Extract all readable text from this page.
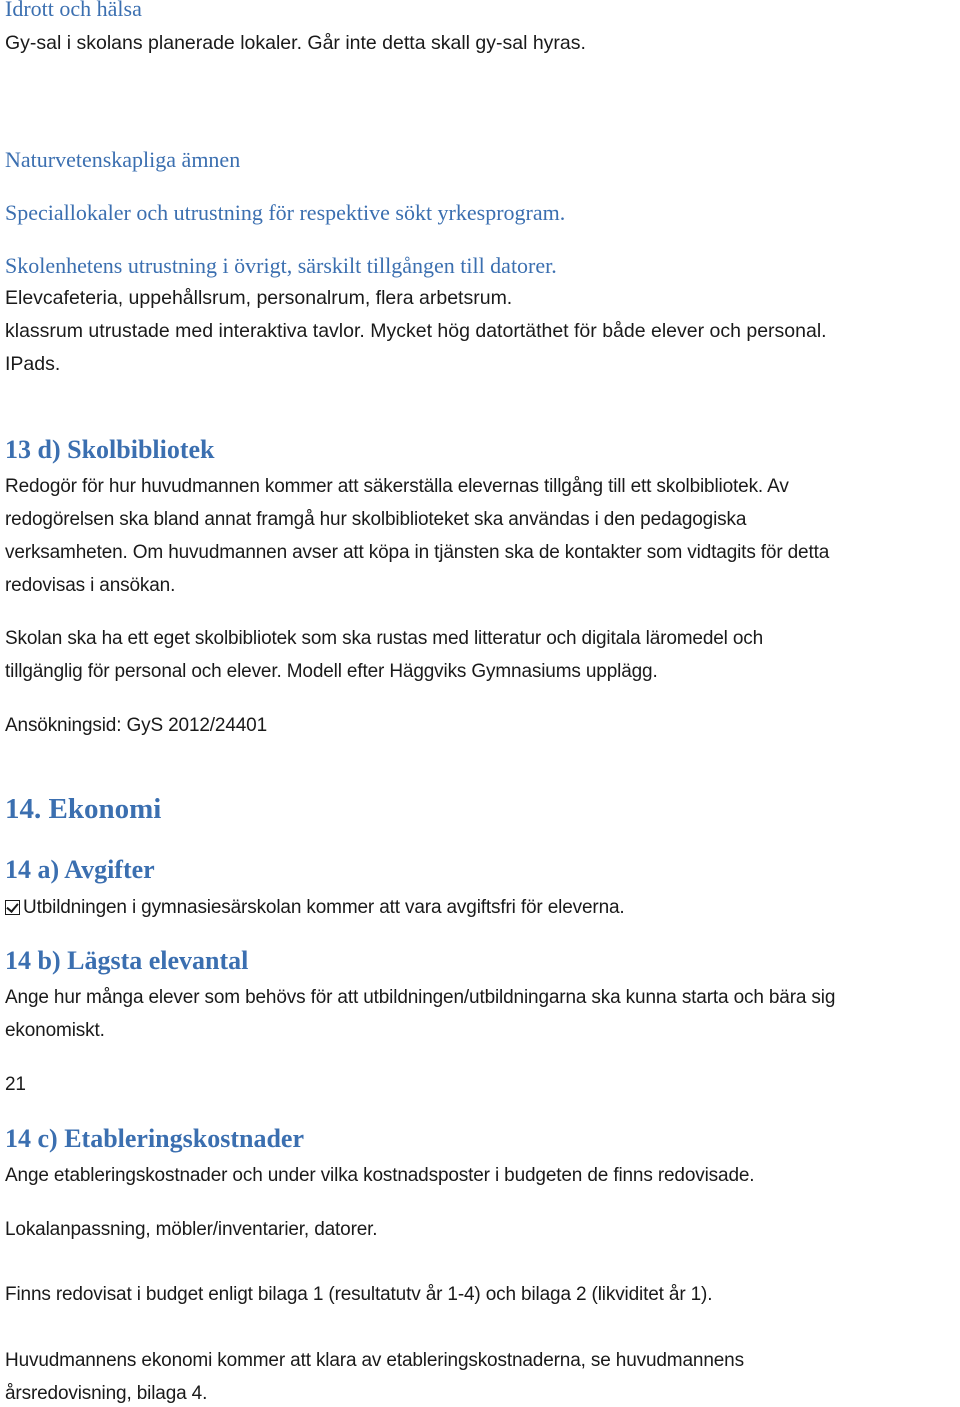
Idrott och hälsa
Gy-sal i skolans planerade lokaler. Går inte detta skall gy-sal hyras.
Naturvetenskapliga ämnen
Speciallokaler och utrustning för respektive sökt yrkesprogram.
Skolenhetens utrustning i övrigt, särskilt tillgången till datorer.
Elevcafeteria, uppehållsrum, personalrum, flera arbetsrum.
klassrum utrustade med interaktiva tavlor. Mycket hög datortäthet för både elever och personal.
IPads.
13 d) Skolbibliotek
Redogör för hur huvudmannen kommer att säkerställa elevernas tillgång till ett skolbibliotek. Av
redogörelsen ska bland annat framgå hur skolbiblioteket ska användas i den pedagogiska
verksamheten. Om huvudmannen avser att köpa in tjänsten ska de kontakter som vidtagits för detta
redovisas i ansökan.
Skolan ska ha ett eget skolbibliotek som ska rustas med litteratur och digitala läromedel och
tillgänglig för personal och elever. Modell efter Häggviks Gymnasiums upplägg.
Ansökningsid: GyS 2012/24401
14. Ekonomi
14 a) Avgifter
Utbildningen i gymnasiesärskolan kommer att vara avgiftsfri för eleverna.
14 b) Lägsta elevantal
Ange hur många elever som behövs för att utbildningen/utbildningarna ska kunna starta och bära sig
ekonomiskt.
21
14 c) Etableringskostnader
Ange etableringskostnader och under vilka kostnadsposter i budgeten de finns redovisade.
Lokalanpassning, möbler/inventarier, datorer.
Finns redovisat i budget enligt bilaga 1 (resultatutv år 1-4) och bilaga 2 (likviditet år 1).
Huvudmannens ekonomi kommer att klara av etableringskostnaderna, se huvudmannens
årsredovisning, bilaga 4.
